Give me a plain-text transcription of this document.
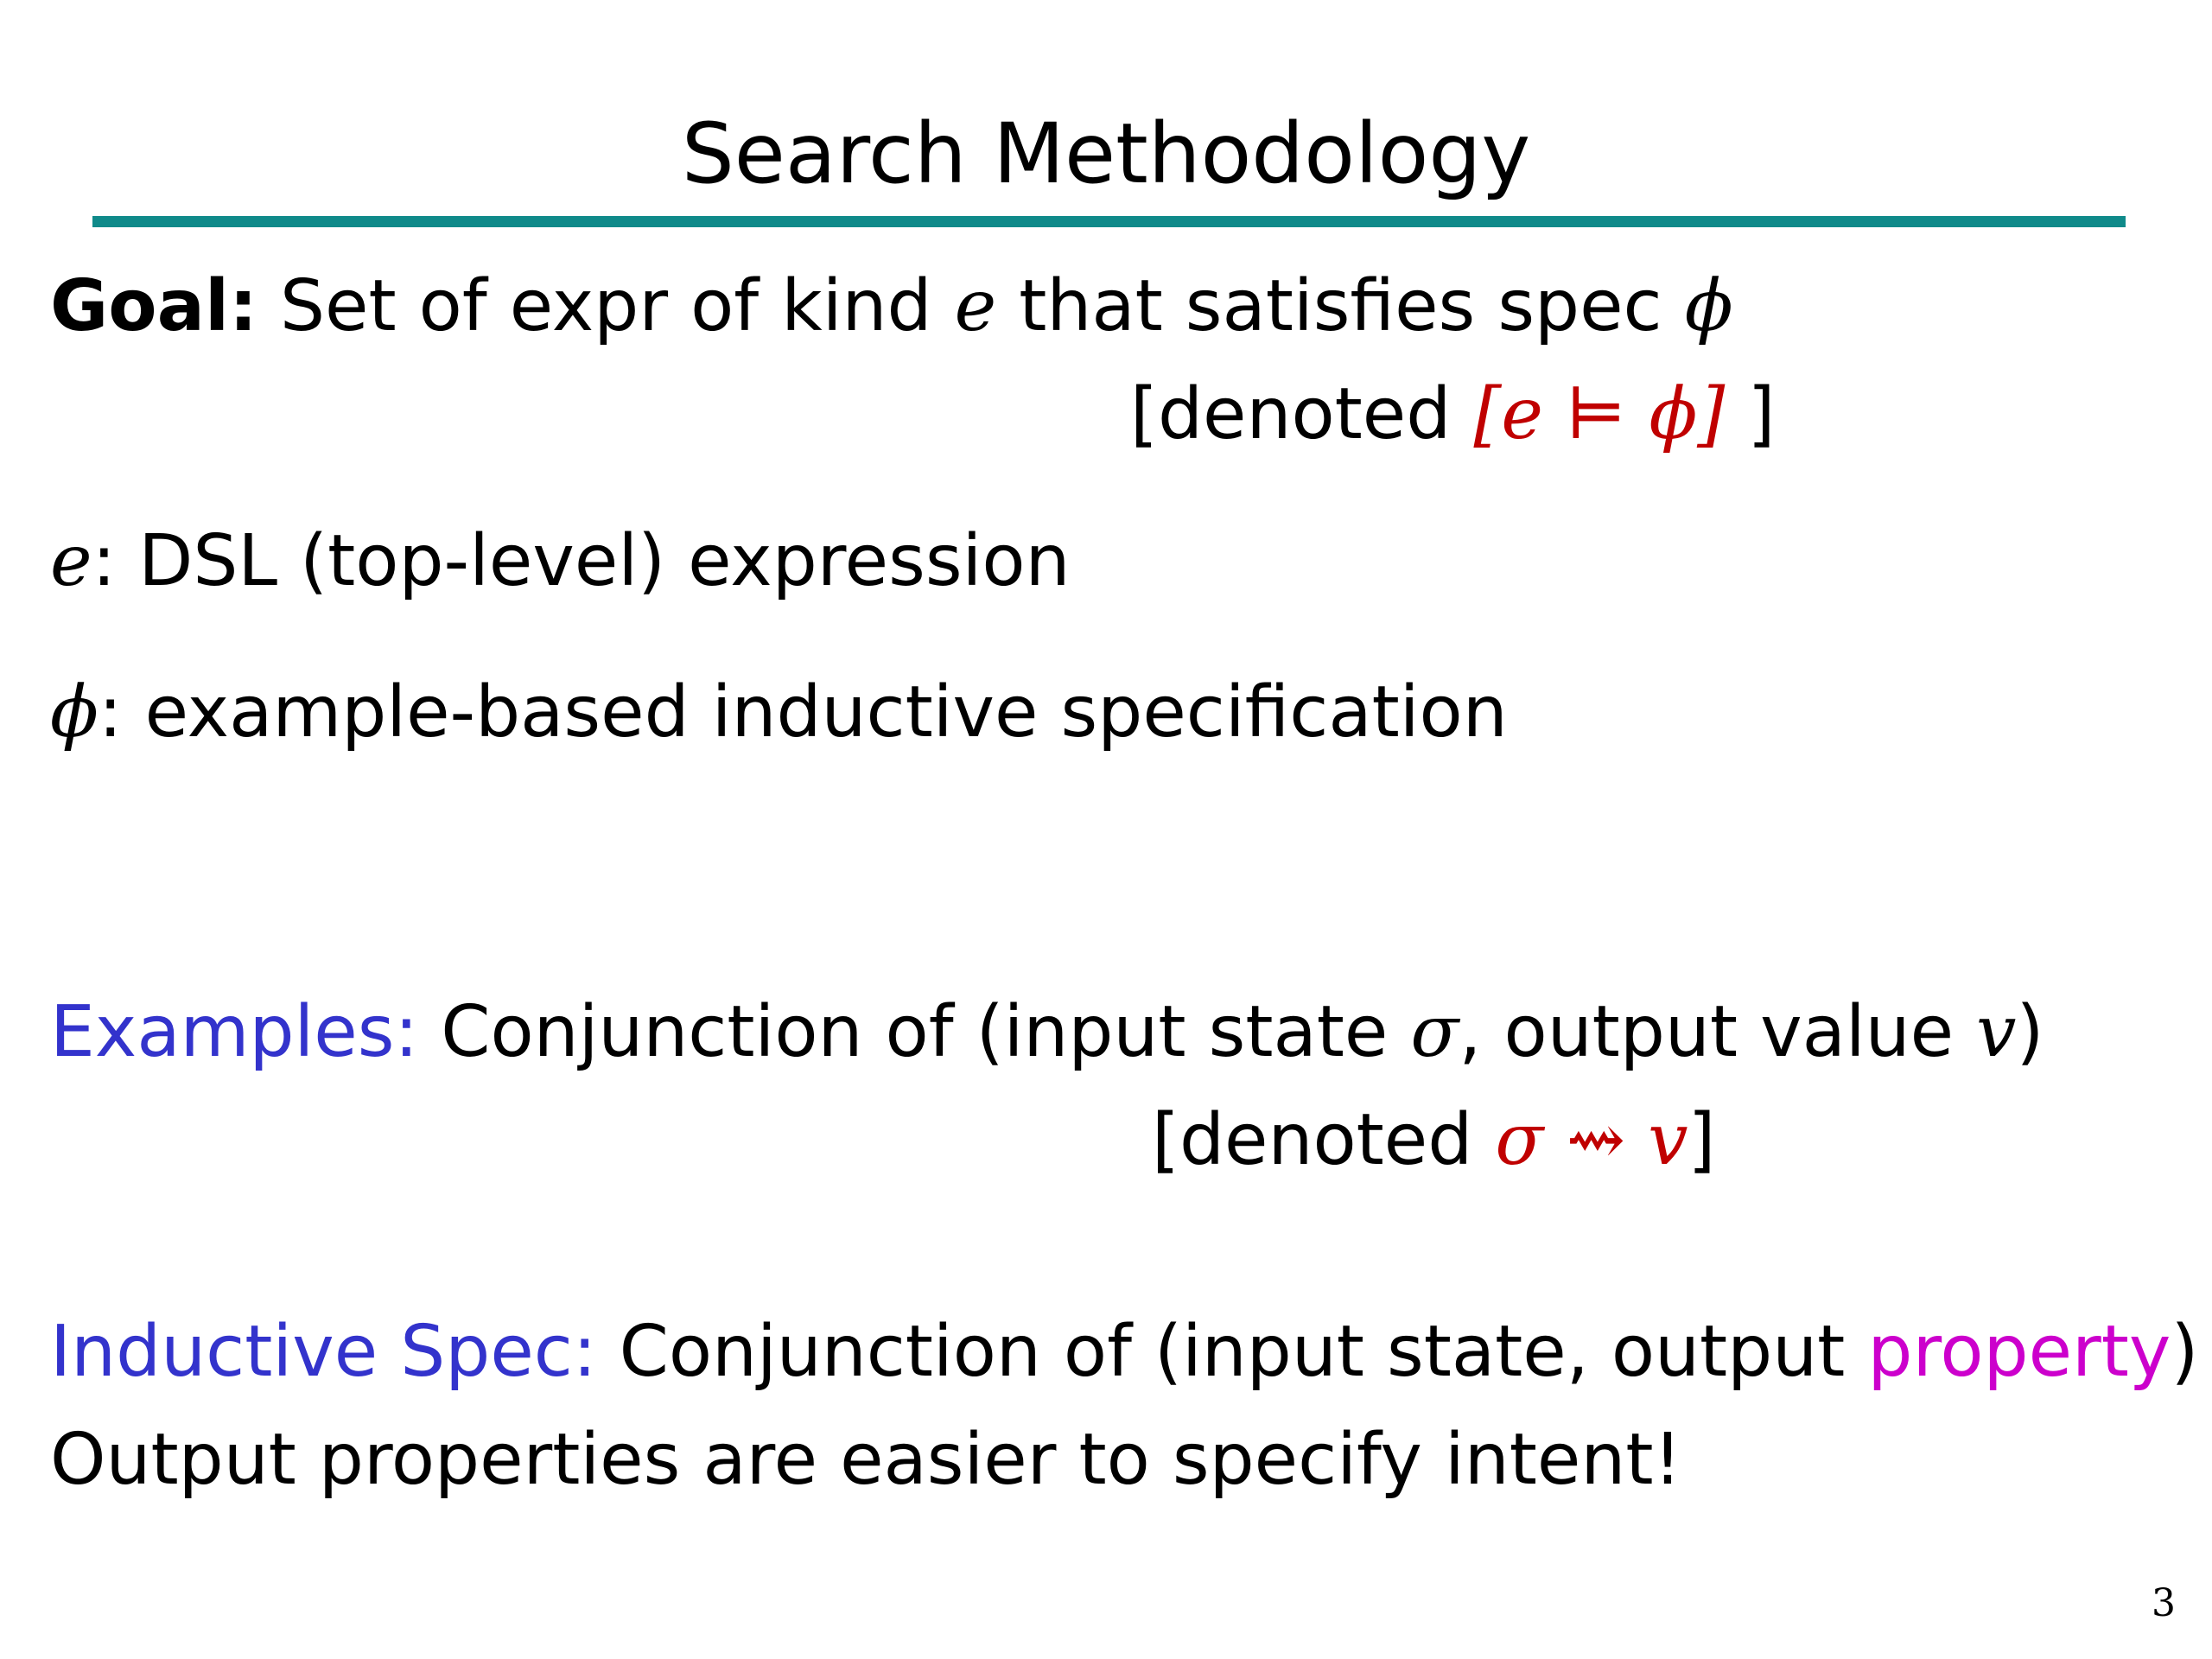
Search Methodology
Goal: Set of expr of kind e that satisfies spec ϕ
[denoted [e ⊨ ϕ] ]
e: DSL (top-level) expression
ϕ: example-based inductive specification
Examples: Conjunction of (input state σ, output value v)
[denoted σ ⇝ v]
Inductive Spec: Conjunction of (input state, output property)
Output properties are easier to specify intent!
3
